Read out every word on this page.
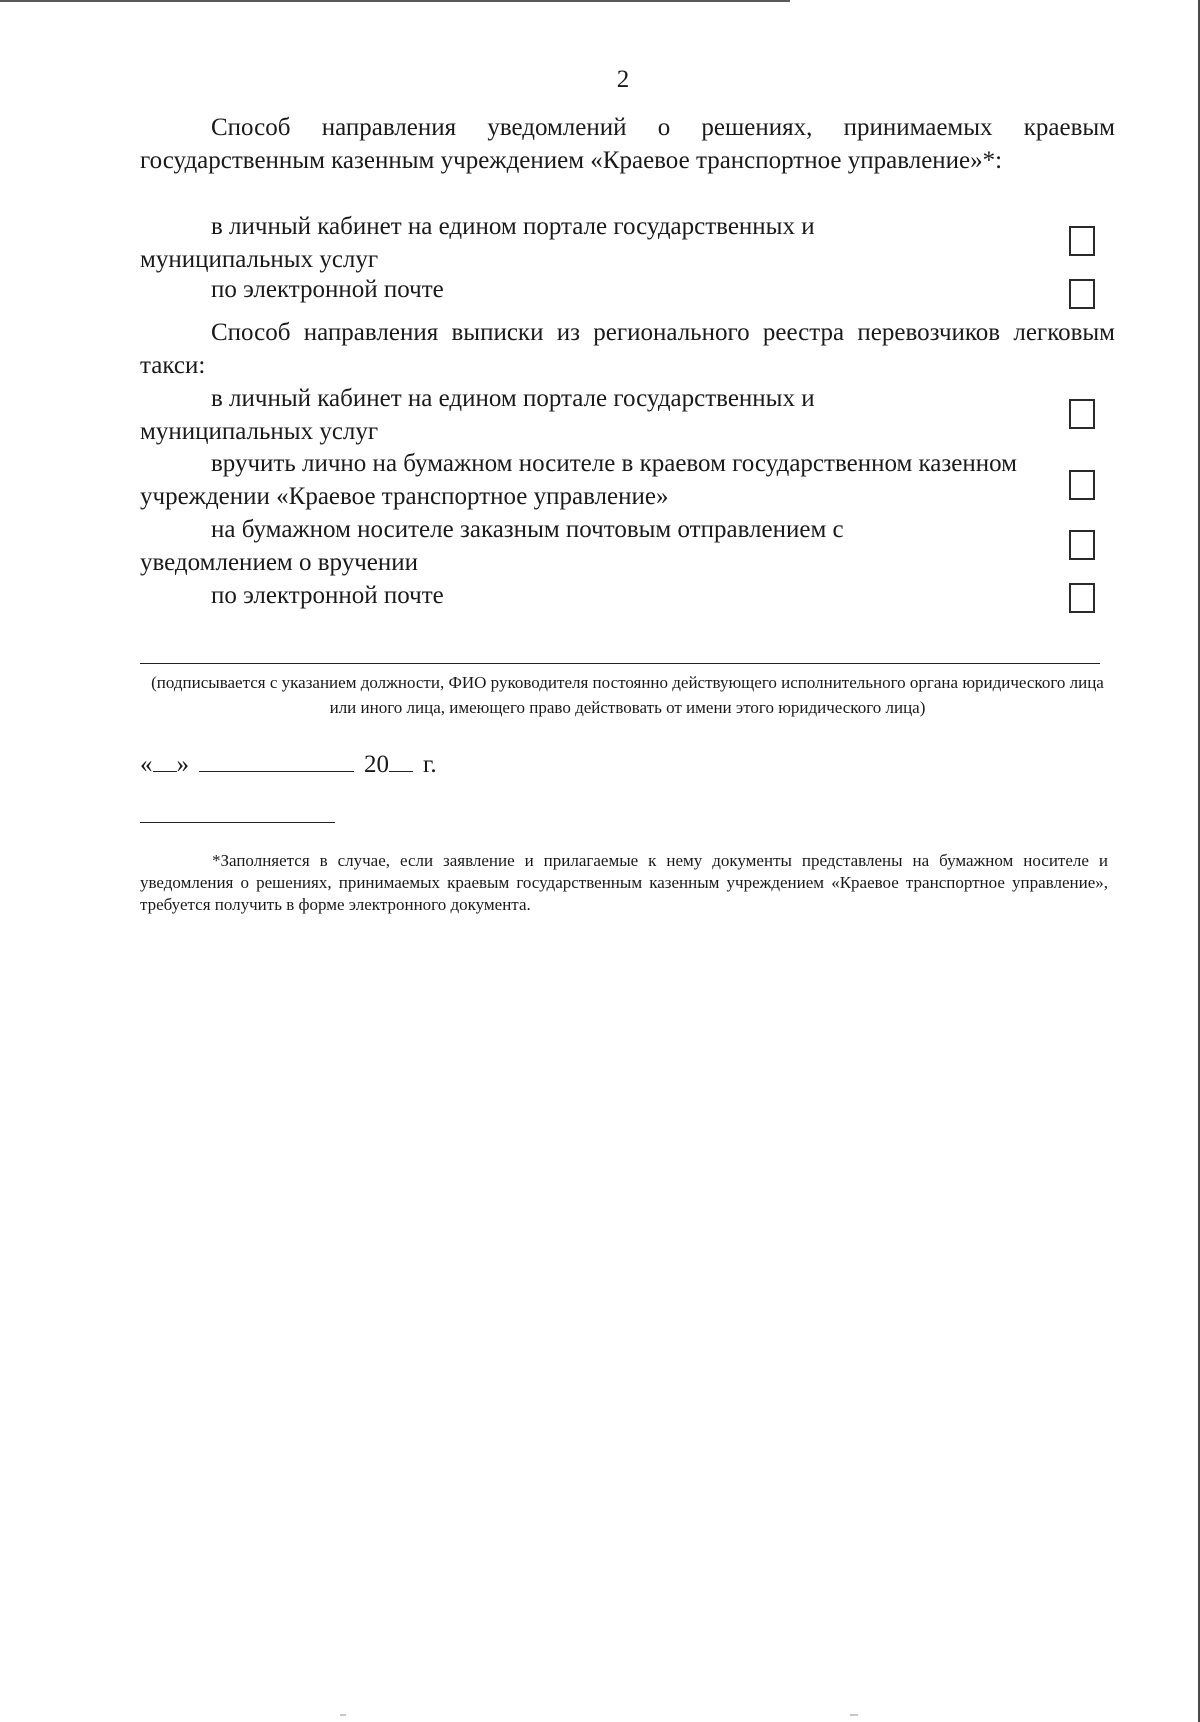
2
Способ направления уведомлений о решениях, принимаемых краевым государственным казенным учреждением «Краевое транспортное управление»*:
в личный кабинет на едином портале государственных и муниципальных услуг
по электронной почте
Способ направления выписки из регионального реестра перевозчиков легковым такси:
в личный кабинет на едином портале государственных и муниципальных услуг
вручить лично на бумажном носителе в краевом государственном казенном учреждении «Краевое транспортное управление»
на бумажном носителе заказным почтовым отправлением с уведомлением о вручении
по электронной почте
(подписывается с указанием должности, ФИО руководителя постоянно действующего исполнительного органа юридического лица или иного лица, имеющего право действовать от имени этого юридического лица)
« »	20 г.
*Заполняется в случае, если заявление и прилагаемые к нему документы представлены на бумажном носителе и уведомления о решениях, принимаемых краевым государственным казенным учреждением «Краевое транспортное управление», требуется получить в форме электронного документа.
